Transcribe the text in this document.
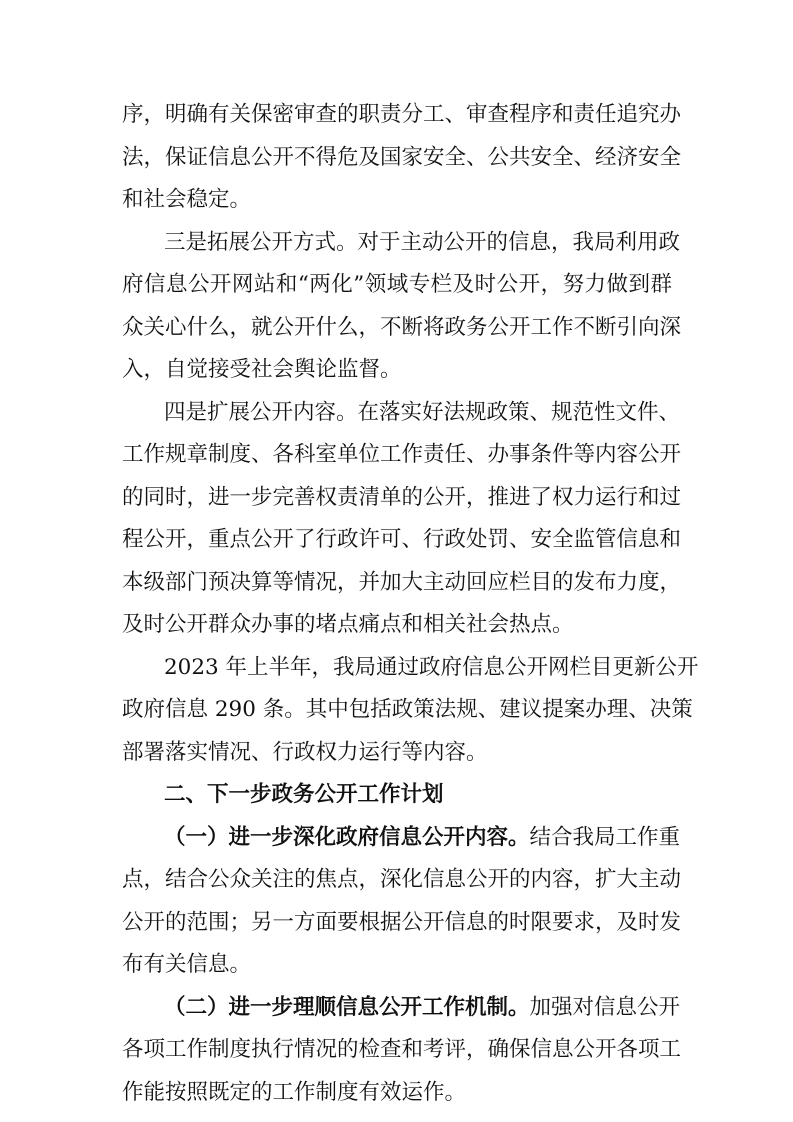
序，明确有关保密审查的职责分工、审查程序和责任追究办
法，保证信息公开不得危及国家安全、公共安全、经济安全
和社会稳定。
三是拓展公开方式。对于主动公开的信息，我局利用政
府信息公开网站和“两化”领域专栏及时公开，努力做到群
众关心什么，就公开什么，不断将政务公开工作不断引向深
入，自觉接受社会舆论监督。
四是扩展公开内容。在落实好法规政策、规范性文件、
工作规章制度、各科室单位工作责任、办事条件等内容公开
的同时，进一步完善权责清单的公开，推进了权力运行和过
程公开，重点公开了行政许可、行政处罚、安全监管信息和
本级部门预决算等情况，并加大主动回应栏目的发布力度，
及时公开群众办事的堵点痛点和相关社会热点。
2023 年上半年，我局通过政府信息公开网栏目更新公开
政府信息 290 条。其中包括政策法规、建议提案办理、决策
部署落实情况、行政权力运行等内容。
二、下一步政务公开工作计划
（一）进一步深化政府信息公开内容。结合我局工作重
点，结合公众关注的焦点，深化信息公开的内容，扩大主动
公开的范围；另一方面要根据公开信息的时限要求，及时发
布有关信息。
（二）进一步理顺信息公开工作机制。加强对信息公开
各项工作制度执行情况的检查和考评，确保信息公开各项工
作能按照既定的工作制度有效运作。
